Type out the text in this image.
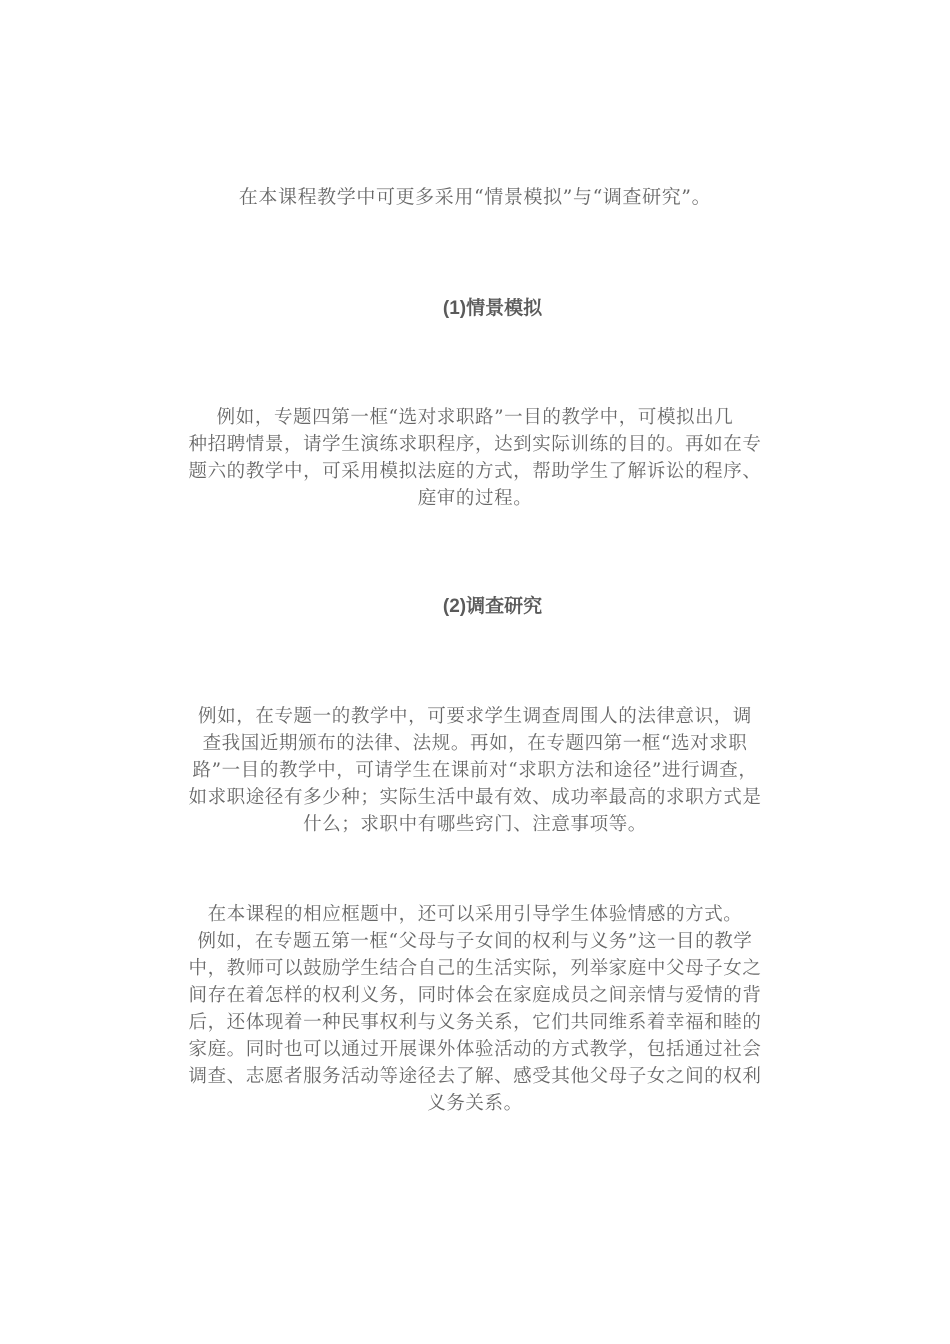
在本课程教学中可更多采用“情景模拟”与“调查研究”。
(1)情景模拟
例如，专题四第一框“选对求职路”一目的教学中，可模拟出几
种招聘情景，请学生演练求职程序，达到实际训练的目的。再如在专
题六的教学中，可采用模拟法庭的方式，帮助学生了解诉讼的程序、
庭审的过程。
(2)调查研究
例如，在专题一的教学中，可要求学生调查周围人的法律意识，调
查我国近期颁布的法律、法规。再如，在专题四第一框“选对求职
路”一目的教学中，可请学生在课前对“求职方法和途径”进行调查，
如求职途径有多少种；实际生活中最有效、成功率最高的求职方式是
什么；求职中有哪些窍门、注意事项等。
在本课程的相应框题中，还可以采用引导学生体验情感的方式。
例如，在专题五第一框“父母与子女间的权利与义务”这一目的教学
中，教师可以鼓励学生结合自己的生活实际，列举家庭中父母子女之
间存在着怎样的权利义务，同时体会在家庭成员之间亲情与爱情的背
后，还体现着一种民事权利与义务关系，它们共同维系着幸福和睦的
家庭。同时也可以通过开展课外体验活动的方式教学，包括通过社会
调查、志愿者服务活动等途径去了解、感受其他父母子女之间的权利
义务关系。
